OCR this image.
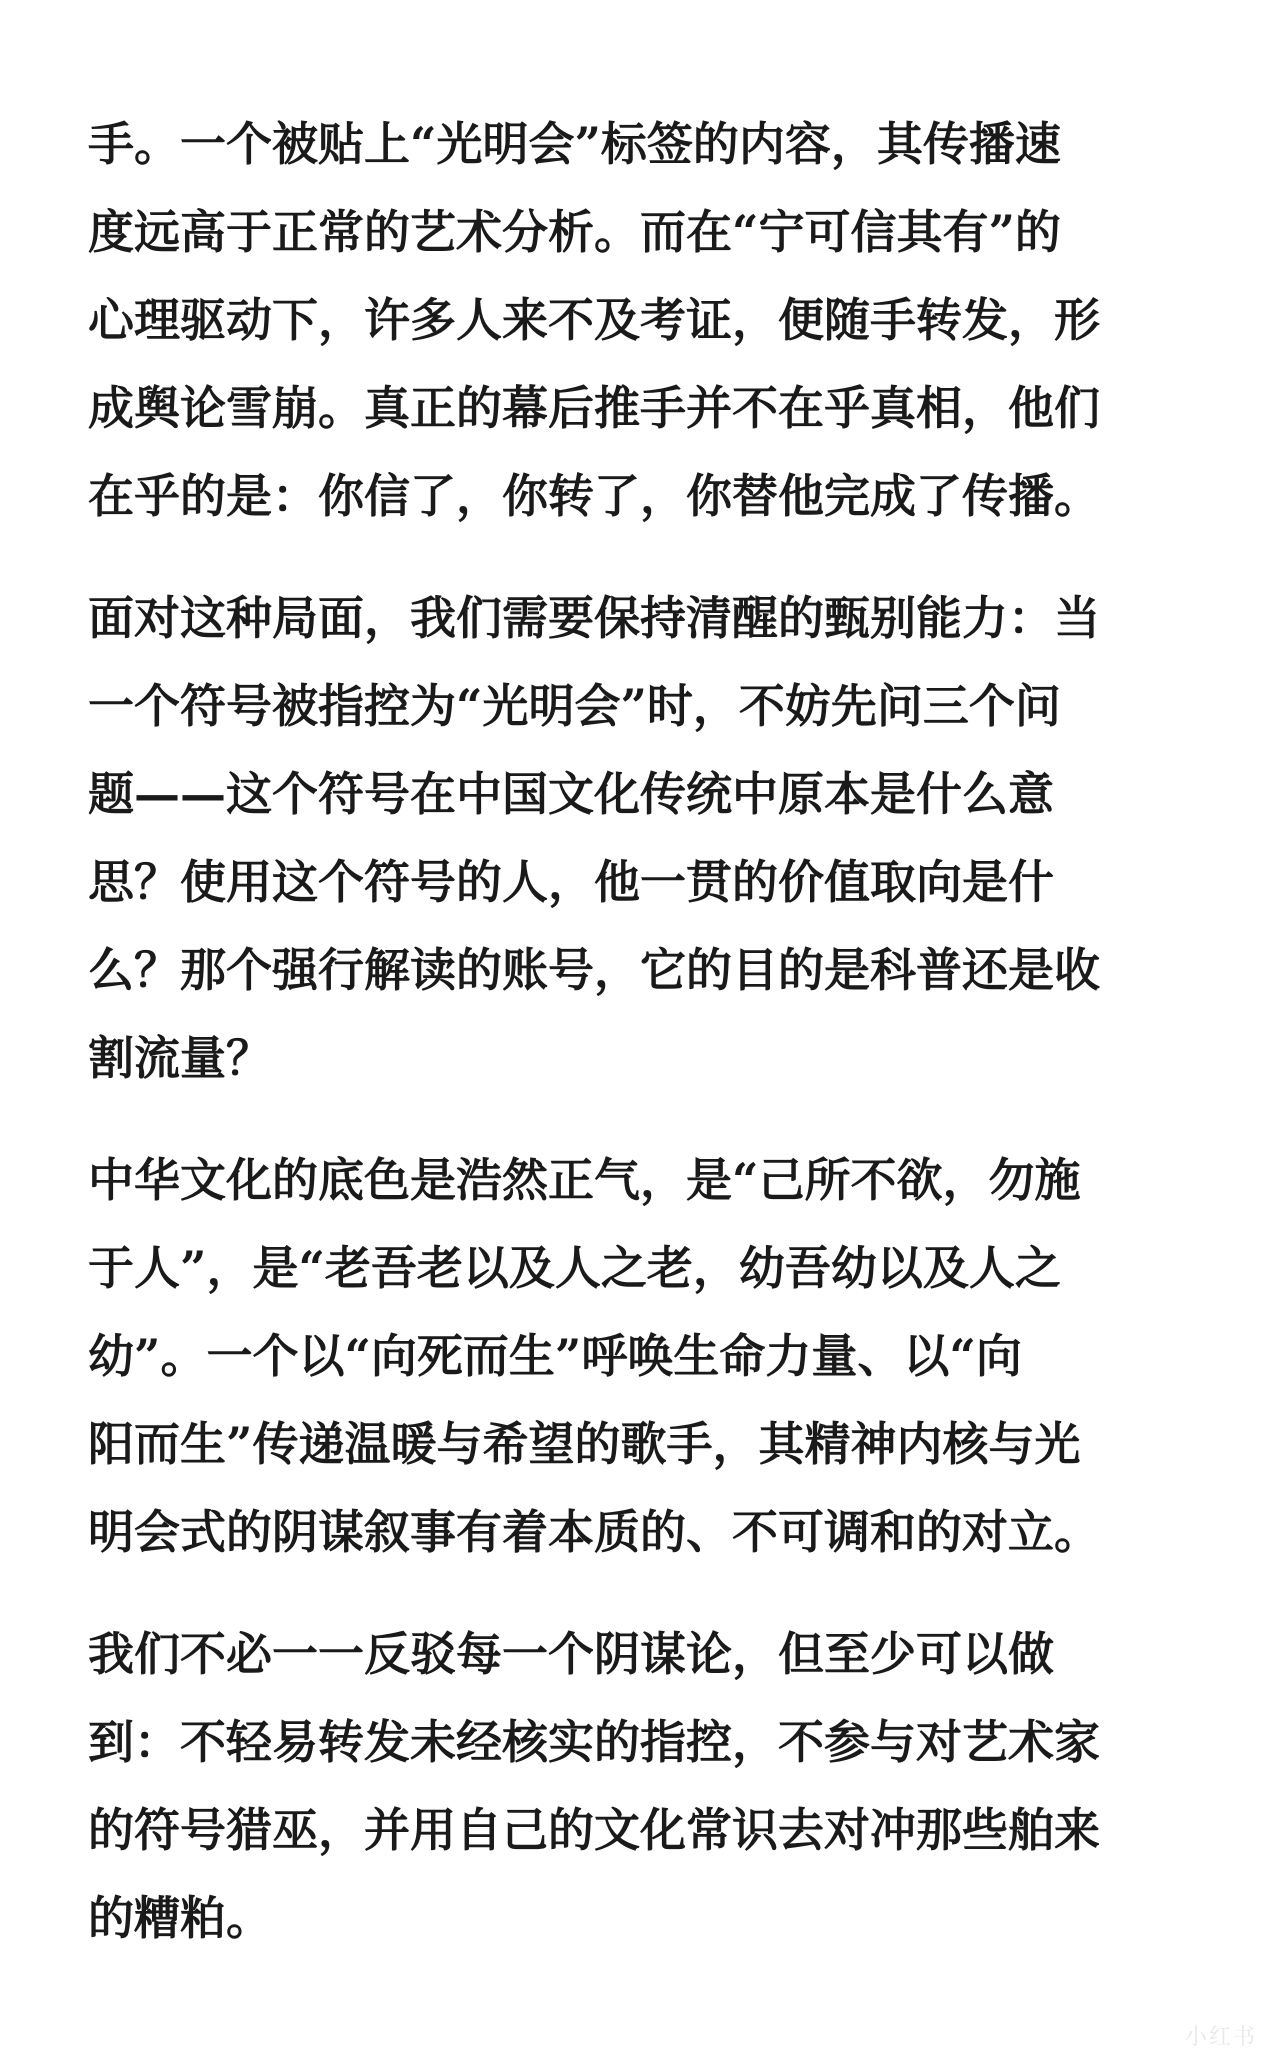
手。一个被贴上“光明会”标签的内容，其传播速
度远高于正常的艺术分析。而在“宁可信其有”的
心理驱动下，许多人来不及考证，便随手转发，形
成舆论雪崩。真正的幕后推手并不在乎真相，他们
在乎的是：你信了，你转了，你替他完成了传播。

面对这种局面，我们需要保持清醒的甄别能力：当
一个符号被指控为“光明会”时，不妨先问三个问
题——这个符号在中国文化传统中原本是什么意
思？使用这个符号的人，他一贯的价值取向是什
么？那个强行解读的账号，它的目的是科普还是收
割流量？

中华文化的底色是浩然正气，是“己所不欲，勿施
于人”，是“老吾老以及人之老，幼吾幼以及人之
幼”。一个以“向死而生”呼唤生命力量、以“向
阳而生”传递温暖与希望的歌手，其精神内核与光
明会式的阴谋叙事有着本质的、不可调和的对立。

我们不必一一反驳每一个阴谋论，但至少可以做
到：不轻易转发未经核实的指控，不参与对艺术家
的符号猎巫，并用自己的文化常识去对冲那些舶来
的糟粕。

小红书
